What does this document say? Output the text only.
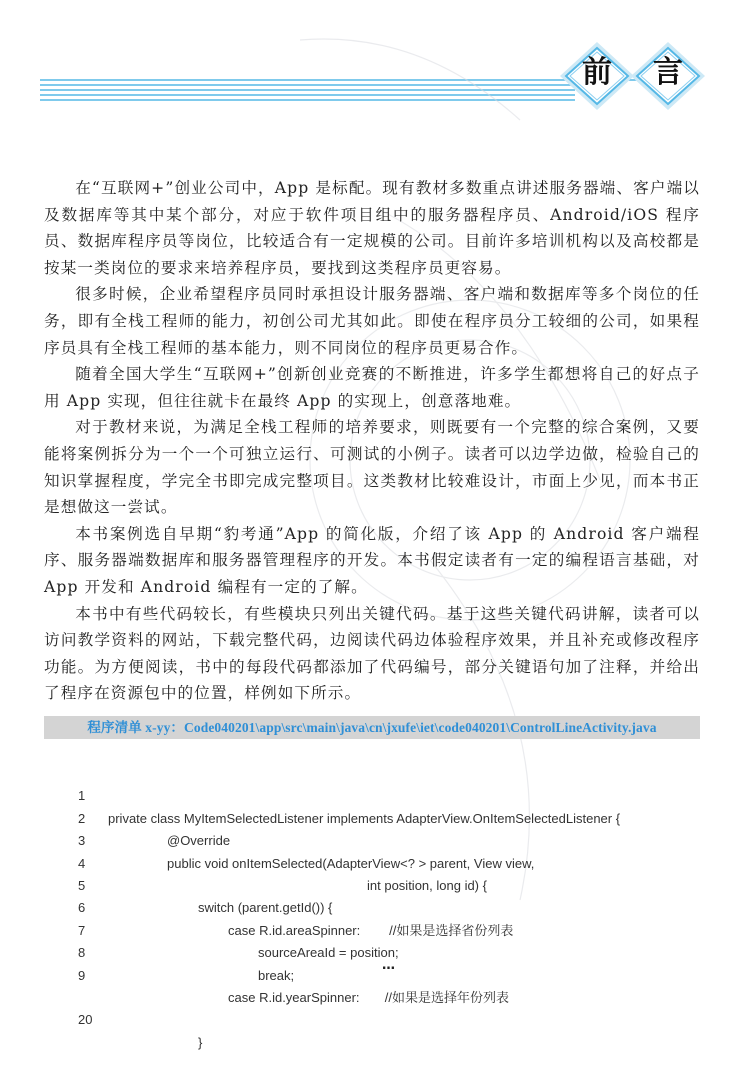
前 言

在“互联网+”创业公司中，App 是标配。现有教材多数重点讲述服务器端、客户端以及数据库等其中某个部分，对应于软件项目组中的服务器程序员、Android/iOS 程序员、数据库程序员等岗位，比较适合有一定规模的公司。目前许多培训机构以及高校都是按某一类岗位的要求来培养程序员，要找到这类程序员更容易。

很多时候，企业希望程序员同时承担设计服务器端、客户端和数据库等多个岗位的任务，即有全栈工程师的能力，初创公司尤其如此。即使在程序员分工较细的公司，如果程序员具有全栈工程师的基本能力，则不同岗位的程序员更易合作。

随着全国大学生“互联网+”创新创业竞赛的不断推进，许多学生都想将自己的好点子用 App 实现，但往往就卡在最终 App 的实现上，创意落地难。

对于教材来说，为满足全栈工程师的培养要求，则既要有一个完整的综合案例，又要能将案例拆分为一个一个可独立运行、可测试的小例子。读者可以边学边做，检验自己的知识掌握程度，学完全书即完成完整项目。这类教材比较难设计，市面上少见，而本书正是想做这一尝试。

本书案例选自早期“豹考通”App 的简化版，介绍了该 App 的 Android 客户端程序、服务器端数据库和服务器管理程序的开发。本书假定读者有一定的编程语言基础，对 App 开发和 Android 编程有一定的了解。

本书中有些代码较长，有些模块只列出关键代码。基于这些关键代码讲解，读者可以访问教学资料的网站，下载完整代码，边阅读代码边体验程序效果，并且补充或修改程序功能。为方便阅读，书中的每段代码都添加了代码编号，部分关键语句加了注释，并给出了程序在资源包中的位置，样例如下所示。

程序清单 x-yy：Code040201\app\src\main\java\cn\jxufe\iet\code040201\ControlLineActivity.java

1

private class MyItemSelectedListener implements AdapterView.OnItemSelectedListener {

2

@Override

3

public void onItemSelected(AdapterView<? > parent, View view,

4

int position, long id) {

5

switch (parent.getId()) {

6

case R.id.areaSpinner:        //如果是选择省份列表

7

sourceAreaId = position;

8

break;

9

case R.id.yearSpinner:       //如果是选择年份列表

20

}

…
